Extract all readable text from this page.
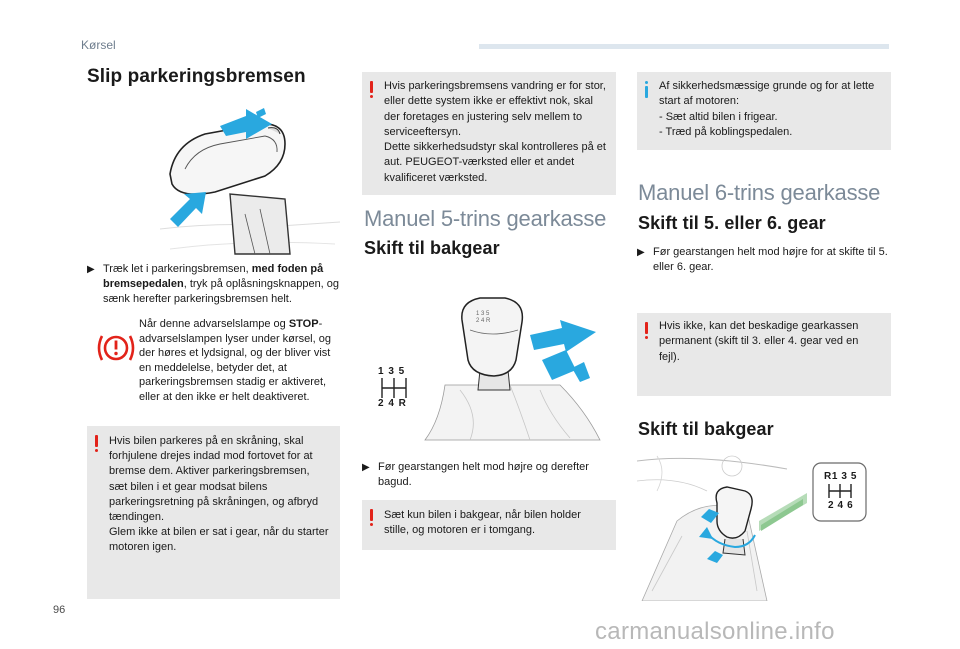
Kørsel
Slip parkeringsbremsen
▶ Træk let i parkeringsbremsen, med foden på bremsepedalen, tryk på oplåsningsknappen, og sænk herefter parkeringsbremsen helt.
Når denne advarselslampe og STOP-advarselslampen lyser under kørsel, og der høres et lydsignal, og der bliver vist en meddelelse, betyder det, at parkeringsbremsen stadig er aktiveret, eller at den ikke er helt deaktiveret.

Hvis bilen parkeres på en skråning, skal forhjulene drejes indad mod fortovet for at bremse dem. Aktiver parkeringsbremsen, sæt bilen i et gear modsat bilens parkeringsretning på skråningen, og afbryd tændingen.
Glem ikke at bilen er sat i gear, når du starter motoren igen.

Hvis parkeringsbremsens vandring er for stor, eller dette system ikke er effektivt nok, skal der foretages en justering selv mellem to serviceeftersyn.
Dette sikkerhedsudstyr skal kontrolleres på et aut. PEUGEOT-værksted eller et andet kvalificeret værksted.

Manuel 5-trins gearkasse
Skift til bakgear
1 3 5
2 4 R
1 3 5
2 4 R
▶ Før gearstangen helt mod højre og derefter bagud.

Sæt kun bilen i bakgear, når bilen holder stille, og motoren er i tomgang.

Af sikkerhedsmæssige grunde og for at lette start af motoren:
- Sæt altid bilen i frigear.
- Træd på koblingspedalen.

Manuel 6-trins gearkasse
Skift til 5. eller 6. gear
▶ Før gearstangen helt mod højre for at skifte til 5. eller 6. gear.

Hvis ikke, kan det beskadige gearkassen permanent (skift til 3. eller 4. gear ved en fejl).

Skift til bakgear
R1 3 5
2 4 6
96
carmanualsonline.info
